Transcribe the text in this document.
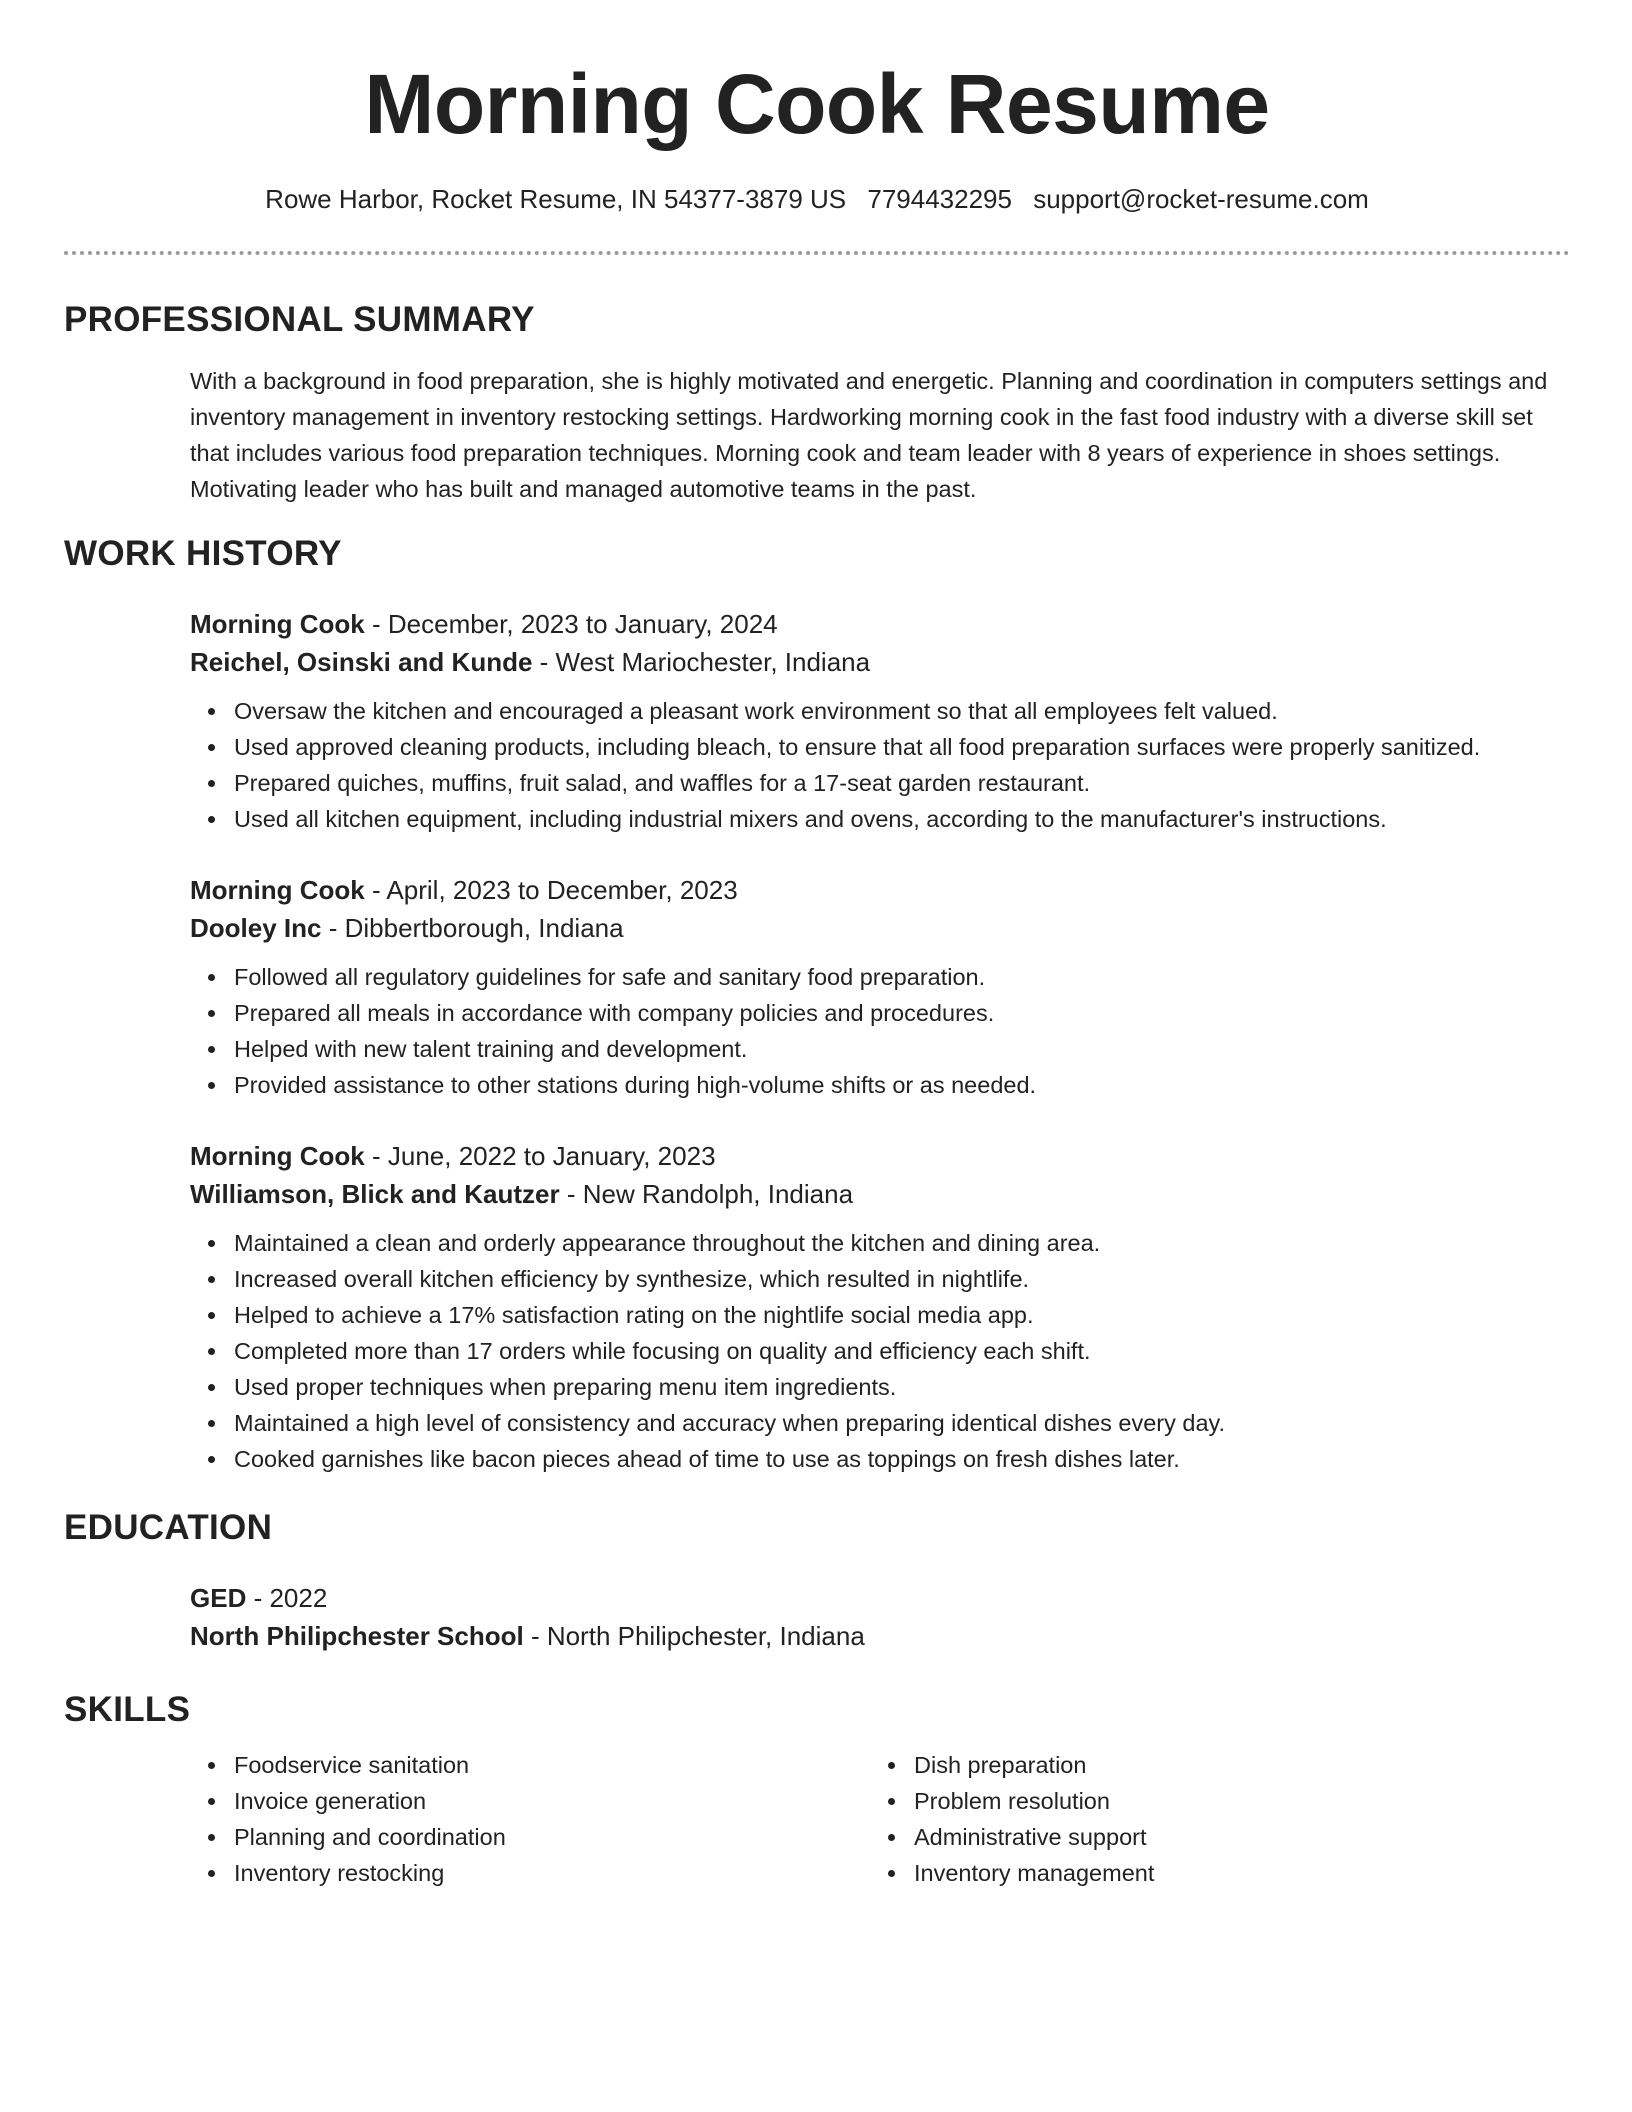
Morning Cook Resume
Rowe Harbor, Rocket Resume, IN 54377-3879 US 7794432295 support@rocket-resume.com
PROFESSIONAL SUMMARY

With a background in food preparation, she is highly motivated and energetic. Planning and coordination in computers settings and inventory management in inventory restocking settings. Hardworking morning cook in the fast food industry with a diverse skill set that includes various food preparation techniques. Morning cook and team leader with 8 years of experience in shoes settings. Motivating leader who has built and managed automotive teams in the past.

WORK HISTORY
Morning Cook - December, 2023 to January, 2024
Reichel, Osinski and Kunde - West Mariochester, Indiana
Oversaw the kitchen and encouraged a pleasant work environment so that all employees felt valued.
Used approved cleaning products, including bleach, to ensure that all food preparation surfaces were properly sanitized.
Prepared quiches, muffins, fruit salad, and waffles for a 17-seat garden restaurant.
Used all kitchen equipment, including industrial mixers and ovens, according to the manufacturer's instructions.
Morning Cook - April, 2023 to December, 2023
Dooley Inc - Dibbertborough, Indiana
Followed all regulatory guidelines for safe and sanitary food preparation.
Prepared all meals in accordance with company policies and procedures.
Helped with new talent training and development.
Provided assistance to other stations during high-volume shifts or as needed.
Morning Cook - June, 2022 to January, 2023
Williamson, Blick and Kautzer - New Randolph, Indiana
Maintained a clean and orderly appearance throughout the kitchen and dining area.
Increased overall kitchen efficiency by synthesize, which resulted in nightlife.
Helped to achieve a 17% satisfaction rating on the nightlife social media app.
Completed more than 17 orders while focusing on quality and efficiency each shift.
Used proper techniques when preparing menu item ingredients.
Maintained a high level of consistency and accuracy when preparing identical dishes every day.
Cooked garnishes like bacon pieces ahead of time to use as toppings on fresh dishes later.
EDUCATION
GED - 2022
North Philipchester School - North Philipchester, Indiana
SKILLS
Foodservice sanitation
Invoice generation
Planning and coordination
Inventory restocking
Dish preparation
Problem resolution
Administrative support
Inventory management
